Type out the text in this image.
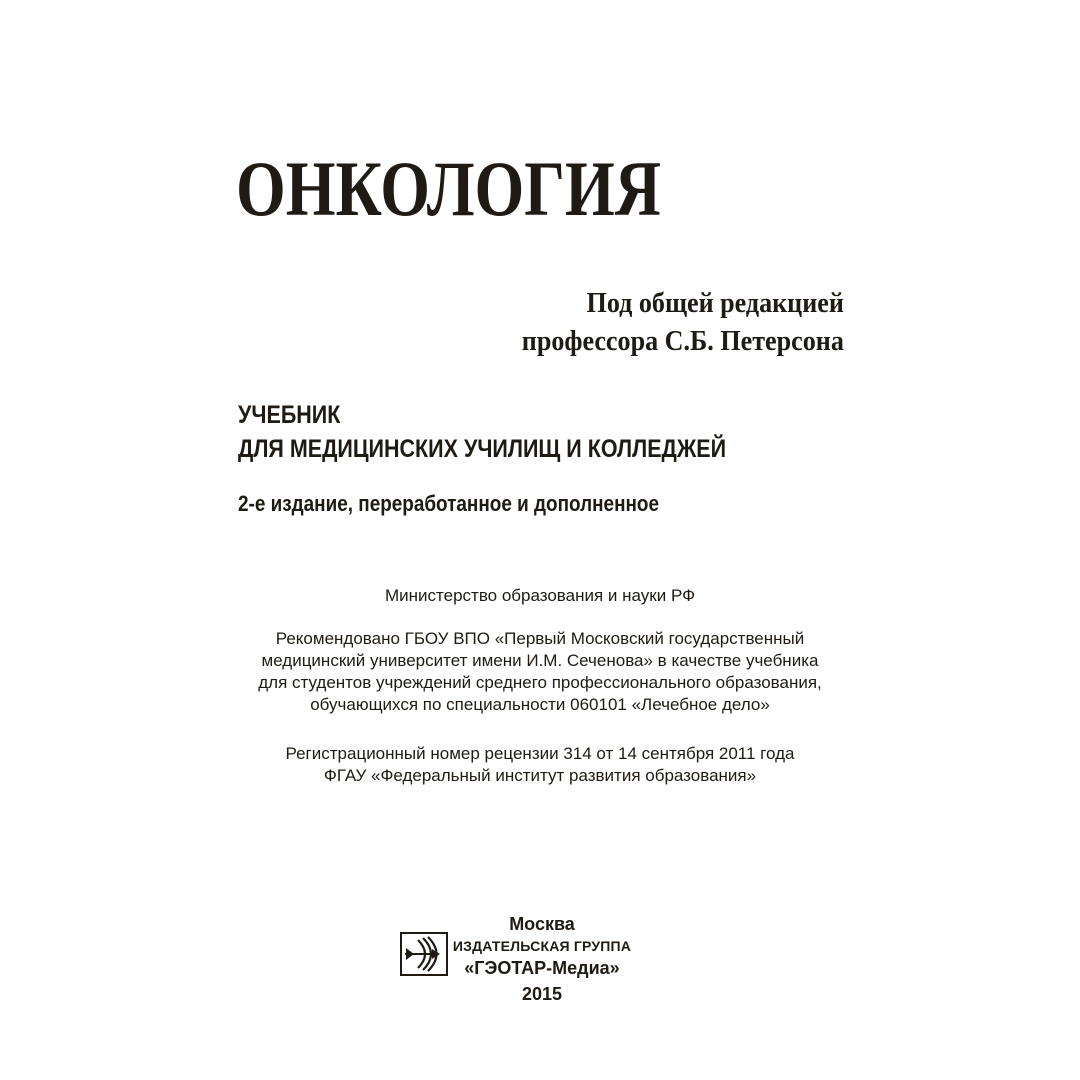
ОНКОЛОГИЯ
Под общей редакцией
профессора С.Б. Петерсона
УЧЕБНИК
ДЛЯ МЕДИЦИНСКИХ УЧИЛИЩ И КОЛЛЕДЖЕЙ
2-е издание, переработанное и дополненное
Министерство образования и науки РФ
Рекомендовано ГБОУ ВПО «Первый Московский государственный
медицинский университет имени И.М. Сеченова» в качестве учебника
для студентов учреждений среднего профессионального образования,
обучающихся по специальности 060101 «Лечебное дело»
Регистрационный номер рецензии 314 от 14 сентября 2011 года
ФГАУ «Федеральный институт развития образования»
Москва
ИЗДАТЕЛЬСКАЯ ГРУППА
«ГЭОТАР-Медиа»
2015
